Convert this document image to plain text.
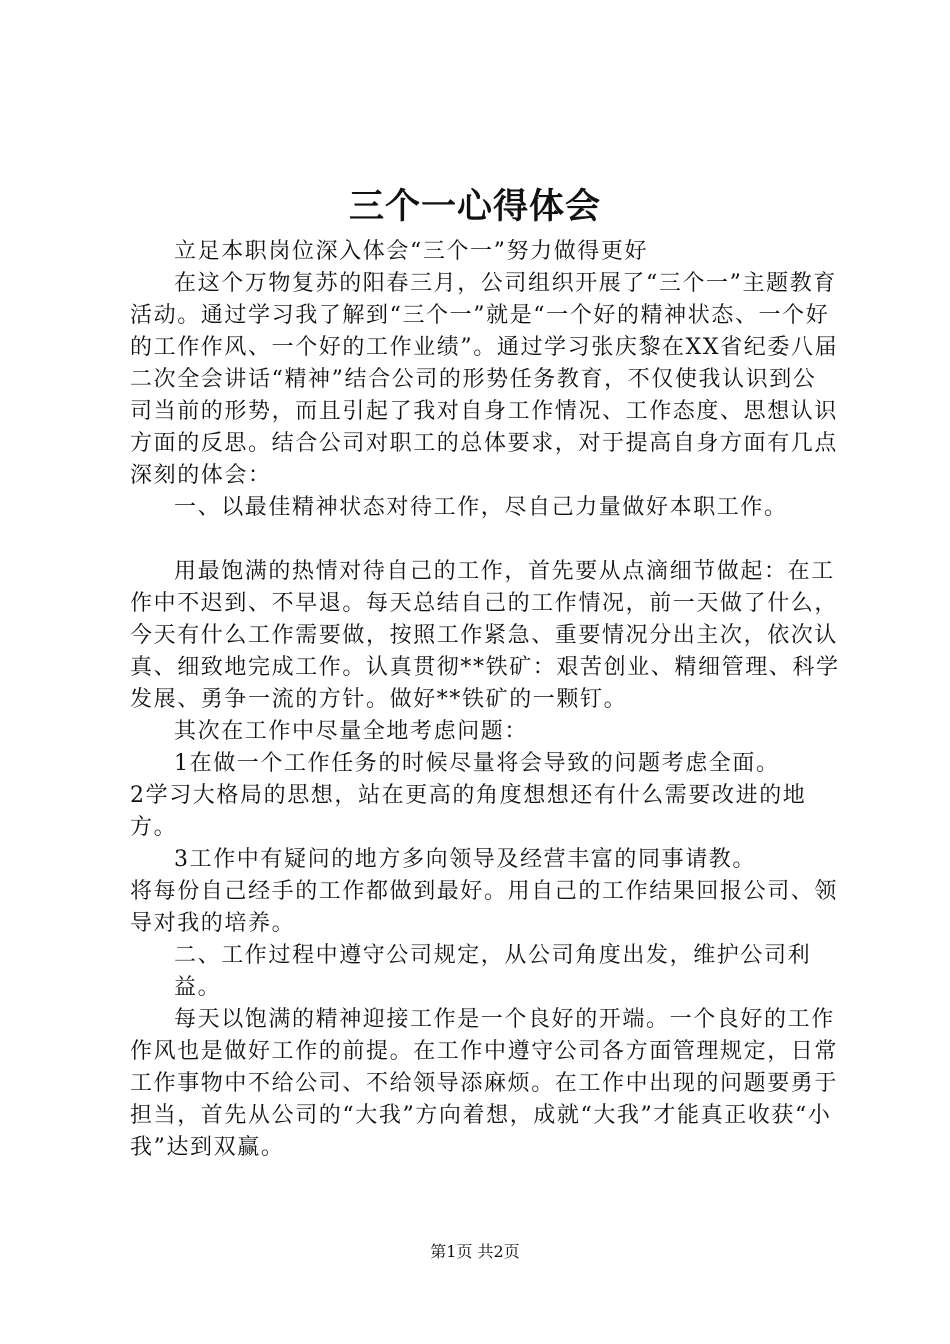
三个一心得体会

立足本职岗位深入体会“三个一”努力做得更好

在这个万物复苏的阳春三月，公司组织开展了“三个一”主题教育活动。通过学习我了解到“三个一”就是“一个好的精神状态、一个好的工作作风、一个好的工作业绩”。通过学习张庆黎在XX省纪委八届二次全会讲话“精神”结合公司的形势任务教育，不仅使我认识到公司当前的形势，而且引起了我对自身工作情况、工作态度、思想认识方面的反思。结合公司对职工的总体要求，对于提高自身方面有几点深刻的体会：

一、以最佳精神状态对待工作，尽自己力量做好本职工作。

用最饱满的热情对待自己的工作，首先要从点滴细节做起：在工作中不迟到、不早退。每天总结自己的工作情况，前一天做了什么，今天有什么工作需要做，按照工作紧急、重要情况分出主次，依次认真、细致地完成工作。认真贯彻**铁矿：艰苦创业、精细管理、科学发展、勇争一流的方针。做好**铁矿的一颗钉。

其次在工作中尽量全地考虑问题：

1在做一个工作任务的时候尽量将会导致的问题考虑全面。

2学习大格局的思想，站在更高的角度想想还有什么需要改进的地方。

3工作中有疑问的地方多向领导及经营丰富的同事请教。

将每份自己经手的工作都做到最好。用自己的工作结果回报公司、领导对我的培养。

二、工作过程中遵守公司规定，从公司角度出发，维护公司利

益。

每天以饱满的精神迎接工作是一个良好的开端。一个良好的工作作风也是做好工作的前提。在工作中遵守公司各方面管理规定，日常工作事物中不给公司、不给领导添麻烦。在工作中出现的问题要勇于担当，首先从公司的“大我”方向着想，成就“大我”才能真正收获“小我”达到双赢。

第1页 共2页
